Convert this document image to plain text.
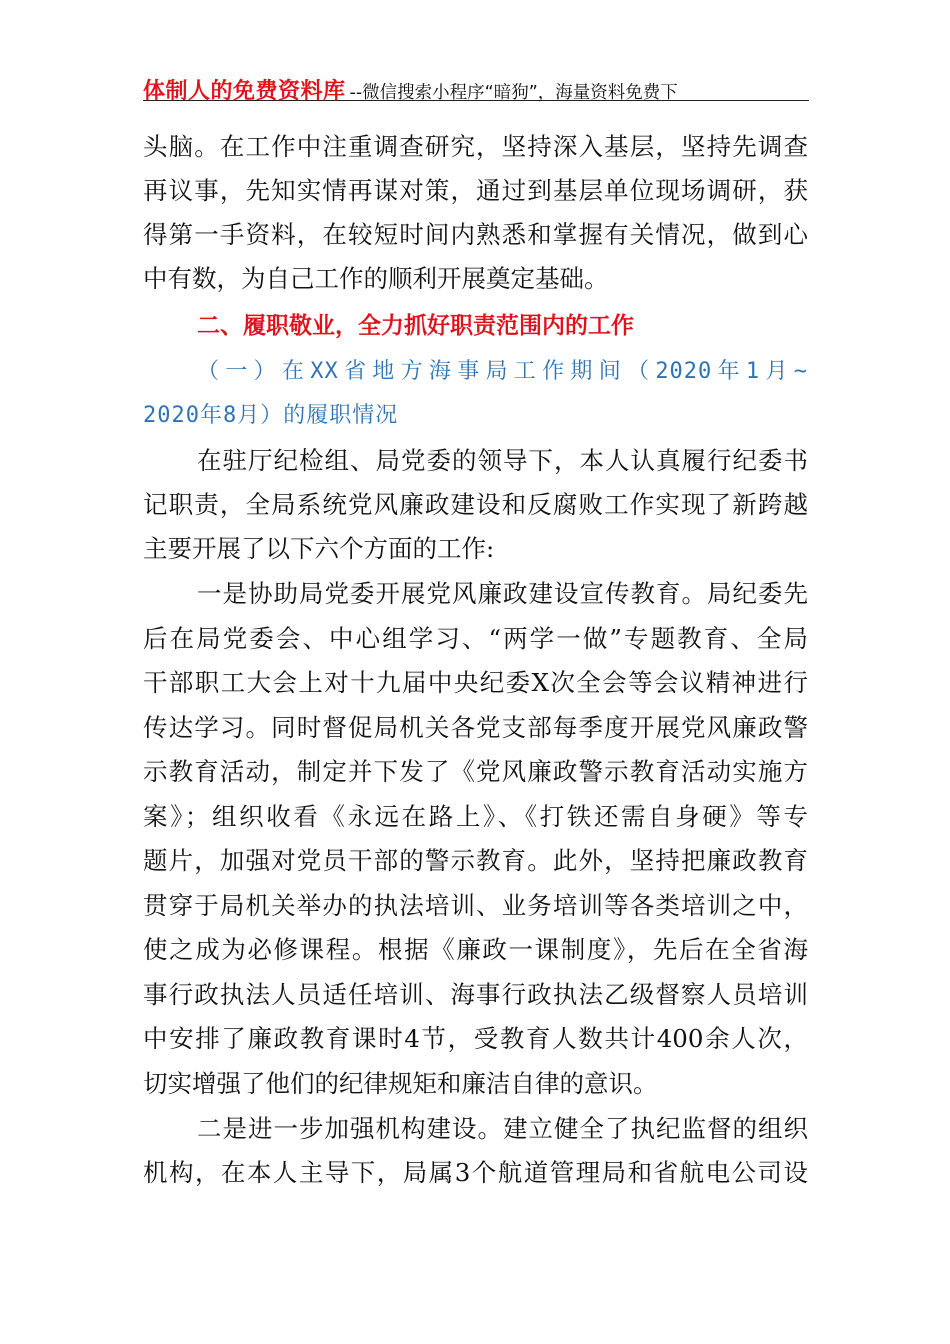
体制人的免费资料库 --微信搜索小程序“暗狗”，海量资料免费下
头脑。在工作中注重调查研究，坚持深入基层，坚持先调查
再议事，先知实情再谋对策，通过到基层单位现场调研，获
得第一手资料，在较短时间内熟悉和掌握有关情况，做到心
中有数，为自己工作的顺利开展奠定基础。
二、履职敬业，全力抓好职责范围内的工作
（一）在XX省地方海事局工作期间（2020年1月~
2020年8月）的履职情况
在驻厅纪检组、局党委的领导下，本人认真履行纪委书
记职责，全局系统党风廉政建设和反腐败工作实现了新跨越
主要开展了以下六个方面的工作:
一是协助局党委开展党风廉政建设宣传教育。局纪委先
后在局党委会、中心组学习、“两学一做”专题教育、全局
干部职工大会上对十九届中央纪委X次全会等会议精神进行
传达学习。同时督促局机关各党支部每季度开展党风廉政警
示教育活动，制定并下发了《党风廉政警示教育活动实施方
案》；组织收看《永远在路上》、《打铁还需自身硬》等专
题片，加强对党员干部的警示教育。此外，坚持把廉政教育
贯穿于局机关举办的执法培训、业务培训等各类培训之中，
使之成为必修课程。根据《廉政一课制度》，先后在全省海
事行政执法人员适任培训、海事行政执法乙级督察人员培训
中安排了廉政教育课时4节，受教育人数共计400余人次，
切实增强了他们的纪律规矩和廉洁自律的意识。
二是进一步加强机构建设。建立健全了执纪监督的组织
机构，在本人主导下，局属3个航道管理局和省航电公司设
